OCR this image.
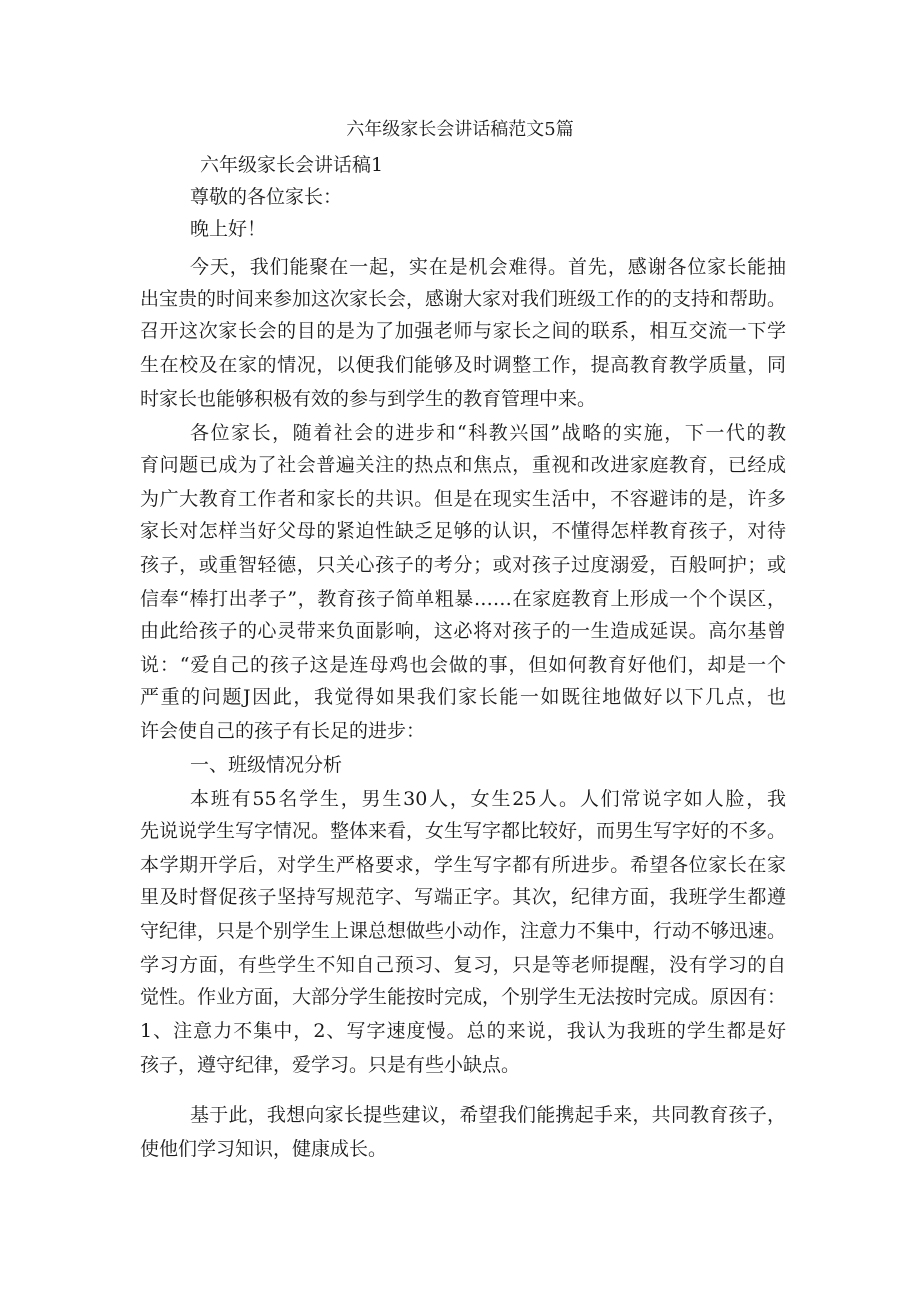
六年级家长会讲话稿范文5篇
六年级家长会讲话稿1
尊敬的各位家长：
晚上好！
今天，我们能聚在一起，实在是机会难得。首先，感谢各位家长能抽
出宝贵的时间来参加这次家长会，感谢大家对我们班级工作的的支持和帮助。
召开这次家长会的目的是为了加强老师与家长之间的联系，相互交流一下学
生在校及在家的情况，以便我们能够及时调整工作，提高教育教学质量，同
时家长也能够积极有效的参与到学生的教育管理中来。
各位家长，随着社会的进步和“科教兴国”战略的实施，下一代的教
育问题已成为了社会普遍关注的热点和焦点，重视和改进家庭教育，已经成
为广大教育工作者和家长的共识。但是在现实生活中，不容避讳的是，许多
家长对怎样当好父母的紧迫性缺乏足够的认识，不懂得怎样教育孩子，对待
孩子，或重智轻德，只关心孩子的考分；或对孩子过度溺爱，百般呵护；或
信奉“棒打出孝子”，教育孩子简单粗暴……在家庭教育上形成一个个误区，
由此给孩子的心灵带来负面影响，这必将对孩子的一生造成延误。高尔基曾
说：“爱自己的孩子这是连母鸡也会做的事，但如何教育好他们，却是一个
严重的问题J因此，我觉得如果我们家长能一如既往地做好以下几点，也
许会使自己的孩子有长足的进步：
一、班级情况分析
本班有55名学生，男生30人，女生25人。人们常说字如人脸，我
先说说学生写字情况。整体来看，女生写字都比较好，而男生写字好的不多。
本学期开学后，对学生严格要求，学生写字都有所进步。希望各位家长在家
里及时督促孩子坚持写规范字、写端正字。其次，纪律方面，我班学生都遵
守纪律，只是个别学生上课总想做些小动作，注意力不集中，行动不够迅速。
学习方面，有些学生不知自己预习、复习，只是等老师提醒，没有学习的自
觉性。作业方面，大部分学生能按时完成，个别学生无法按时完成。原因有：
1、注意力不集中，2、写字速度慢。总的来说，我认为我班的学生都是好
孩子，遵守纪律，爱学习。只是有些小缺点。
基于此，我想向家长提些建议，希望我们能携起手来，共同教育孩子，
使他们学习知识，健康成长。
